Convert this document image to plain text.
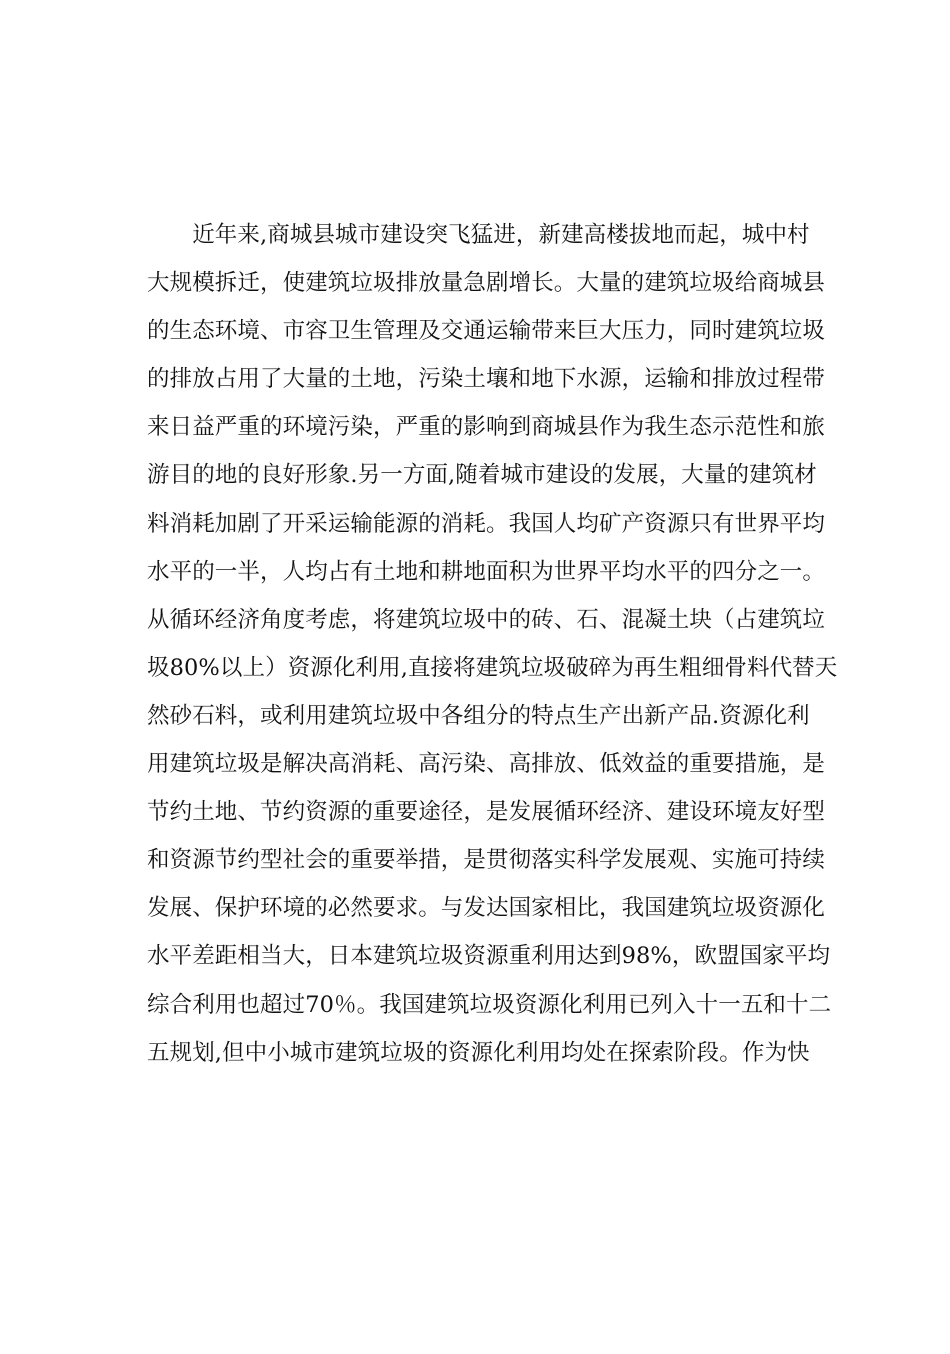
　　近年来,商城县城市建设突飞猛进，新建高楼拔地而起，城中村
大规模拆迁，使建筑垃圾排放量急剧增长。大量的建筑垃圾给商城县
的生态环境、市容卫生管理及交通运输带来巨大压力，同时建筑垃圾
的排放占用了大量的土地，污染土壤和地下水源，运输和排放过程带
来日益严重的环境污染，严重的影响到商城县作为我生态示范性和旅
游目的地的良好形象.另一方面,随着城市建设的发展，大量的建筑材
料消耗加剧了开采运输能源的消耗。我国人均矿产资源只有世界平均
水平的一半，人均占有土地和耕地面积为世界平均水平的四分之一。
从循环经济角度考虑，将建筑垃圾中的砖、石、混凝土块（占建筑垃
圾80%以上）资源化利用,直接将建筑垃圾破碎为再生粗细骨料代替天
然砂石料，或利用建筑垃圾中各组分的特点生产出新产品.资源化利
用建筑垃圾是解决高消耗、高污染、高排放、低效益的重要措施，是
节约土地、节约资源的重要途径，是发展循环经济、建设环境友好型
和资源节约型社会的重要举措，是贯彻落实科学发展观、实施可持续
发展、保护环境的必然要求。与发达国家相比，我国建筑垃圾资源化
水平差距相当大，日本建筑垃圾资源重利用达到98%，欧盟国家平均
综合利用也超过70％。我国建筑垃圾资源化利用已列入十一五和十二
五规划,但中小城市建筑垃圾的资源化利用均处在探索阶段。作为快
